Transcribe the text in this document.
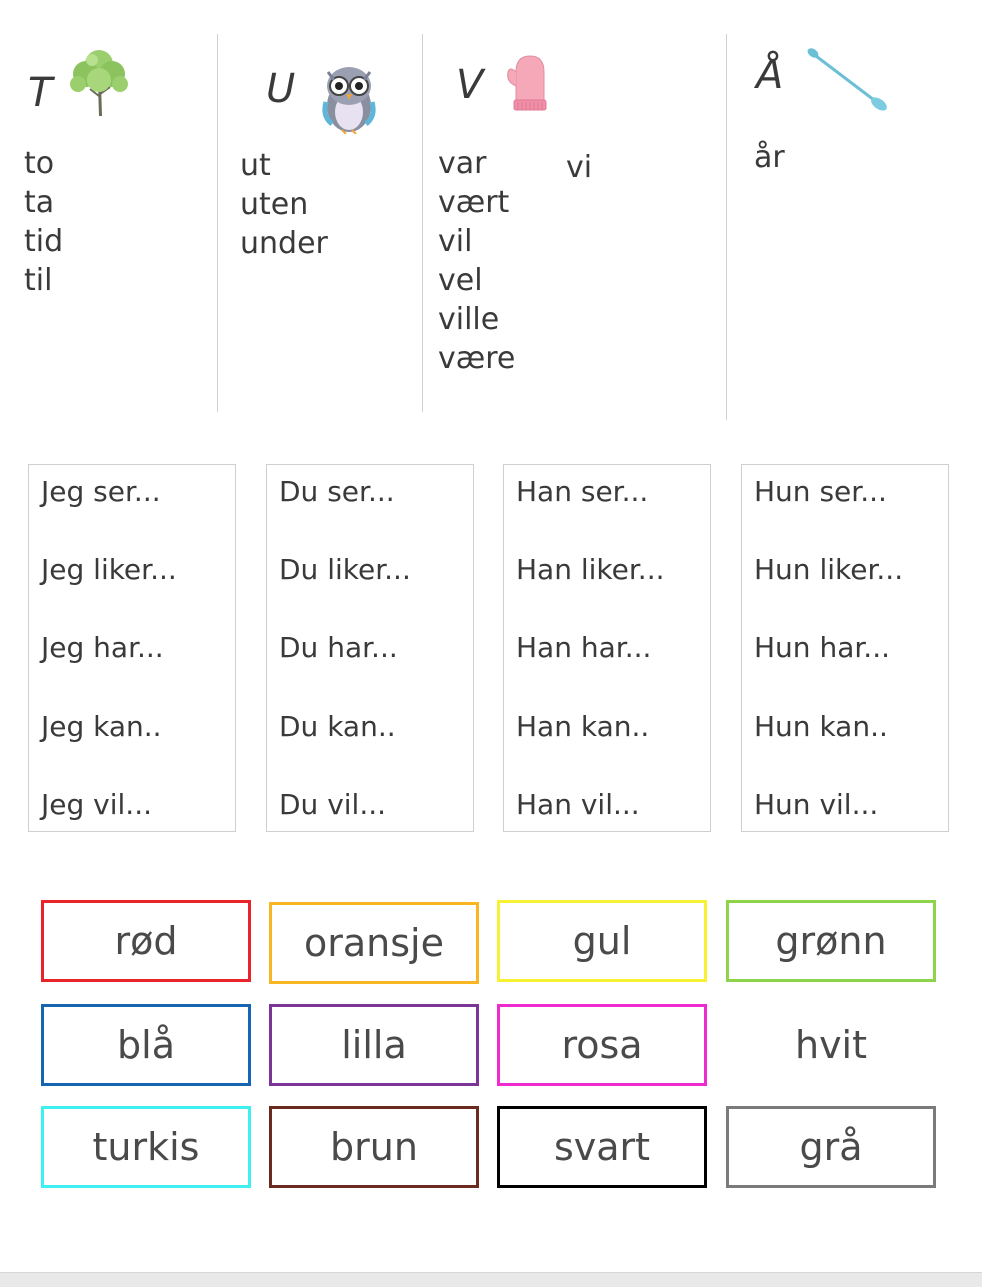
T
to
ta
tid
til
U
ut
uten
under
V
var
vært
vil
vel
ville
være
vi
Å
år
Jeg ser...
Jeg liker...
Jeg har...
Jeg kan..
Jeg vil...
Du ser...
Du liker...
Du har...
Du kan..
Du vil...
Han ser...
Han liker...
Han har...
Han kan..
Han vil...
Hun ser...
Hun liker...
Hun har...
Hun kan..
Hun vil...
rød	oransje	gul	grønn
blå	lilla	rosa	hvit
turkis	brun	svart	grå
